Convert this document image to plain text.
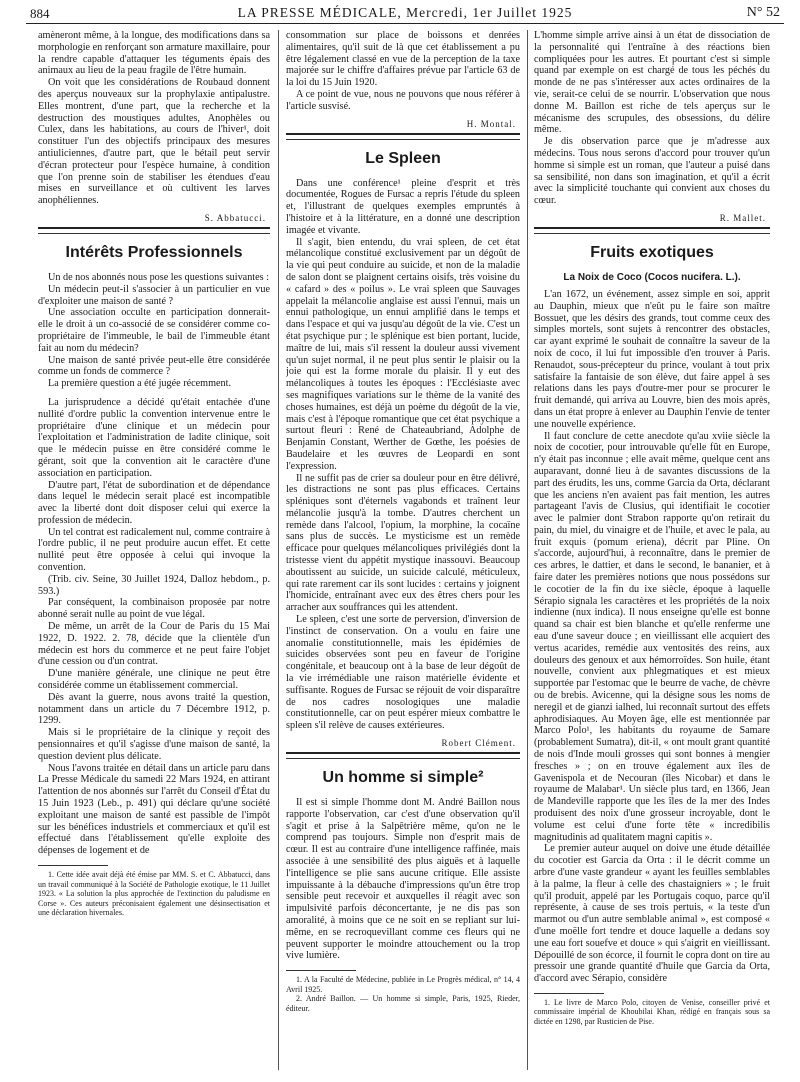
884	LA PRESSE MÉDICALE, Mercredi, 1er Juillet 1925	N° 52

amèneront même, à la longue, des modifications dans sa morphologie en renforçant son armature maxillaire, pour la rendre capable d'attaquer les téguments épais des animaux au lieu de la peau fragile de l'être humain.

On voit que les considérations de Roubaud donnent des aperçus nouveaux sur la prophylaxie antipalustre. Elles montrent, d'une part, que la recherche et la destruction des moustiques adultes, Anophèles ou Culex, dans les habitations, au cours de l'hiver¹, doit constituer l'un des objectifs principaux des mesures antiuliciennes, d'autre part, que le bétail peut servir d'écran protecteur pour l'espèce humaine, à condition que l'on prenne soin de stabiliser les étendues d'eau mises en surveillance et où cultivent les larves anophéliennes.

S. Abbatucci.
Intérêts Professionnels

Un de nos abonnés nous pose les questions suivantes :

Un médecin peut-il s'associer à un particulier en vue d'exploiter une maison de santé ?

Une association occulte en participation donnerait-elle le droit à un co-associé de se considérer comme co-propriétaire de l'immeuble, le bail de l'immeuble étant fait au nom du médecin?

Une maison de santé privée peut-elle être considérée comme un fonds de commerce ?

La première question a été jugée récemment.

La jurisprudence a décidé qu'était entachée d'une nullité d'ordre public la convention intervenue entre le propriétaire d'une clinique et un médecin pour l'exploitation et l'administration de ladite clinique, soit que le médecin puisse en être considéré comme le gérant, soit que la convention ait le caractère d'une association en participation.

D'autre part, l'état de subordination et de dépendance dans lequel le médecin serait placé est incompatible avec la liberté dont doit disposer celui qui exerce la profession de médecin.

Un tel contrat est radicalement nul, comme contraire à l'ordre public, il ne peut produire aucun effet. Et cette nullité peut être opposée à celui qui invoque la convention.

(Trib. civ. Seine, 30 Juillet 1924, Dalloz hebdom., p. 593.)

Par conséquent, la combinaison proposée par notre abonné serait nulle au point de vue légal.

De même, un arrêt de la Cour de Paris du 15 Mai 1922, D. 1922. 2. 78, décide que la clientèle d'un médecin est hors du commerce et ne peut faire l'objet d'une cession ou d'un contrat.

D'une manière générale, une clinique ne peut être considérée comme un établissement commercial.

Dès avant la guerre, nous avons traité la question, notamment dans un article du 7 Décembre 1912, p. 1299.

Mais si le propriétaire de la clinique y reçoit des pensionnaires et qu'il s'agisse d'une maison de santé, la question devient plus délicate.

Nous l'avons traitée en détail dans un article paru dans La Presse Médicale du samedi 22 Mars 1924, en attirant l'attention de nos abonnés sur l'arrêt du Conseil d'État du 15 Juin 1923 (Leb., p. 491) qui déclare qu'une société exploitant une maison de santé est passible de l'impôt sur les bénéfices industriels et commerciaux et qu'il est effectué dans l'établissement qu'elle exploite des dépenses de logement et de

1. Cette idée avait déjà été émise par MM. S. et C. Abbatucci, dans un travail communiqué à la Société de Pathologie exotique, le 11 Juillet 1923. « La solution la plus approchée de l'extinction du paludisme en Corse ». Ces auteurs préconisaient également une désinsectisation et une déclaration hivernales.

consommation sur place de boissons et denrées alimentaires, qu'il suit de là que cet établissement a pu être légalement classé en vue de la perception de la taxe majorée sur le chiffre d'affaires prévue par l'article 63 de la loi du 15 Juin 1920.

A ce point de vue, nous ne pouvons que nous référer à l'article susvisé.

H. Montal.
Le Spleen

Dans une conférence¹ pleine d'esprit et très documentée, Rogues de Fursac a repris l'étude du spleen et, l'illustrant de quelques exemples empruntés à l'histoire et à la littérature, en a donné une description imagée et vivante.

Il s'agit, bien entendu, du vrai spleen, de cet état mélancolique constitué exclusivement par un dégoût de la vie qui peut conduire au suicide, et non de la maladie de salon dont se plaignent certains oisifs, très voisine du « cafard » des « poilus ». Le vrai spleen que Sauvages appelait la mélancolie anglaise est aussi l'ennui, mais un ennui pathologique, un ennui amplifié dans le temps et dans l'espace et qui va jusqu'au dégoût de la vie. C'est un état psychique pur ; le splénique est bien portant, lucide, maître de lui, mais s'il ressent la douleur aussi vivement qu'un sujet normal, il ne peut plus sentir le plaisir ou la joie qui est la forme morale du plaisir. Il y eut des mélancoliques à toutes les époques : l'Ecclésiaste avec ses magnifiques variations sur le thème de la vanité des choses humaines, est déjà un poème du dégoût de la vie, mais c'est à l'époque romantique que cet état psychique a surtout fleuri : René de Chateaubriand, Adolphe de Benjamin Constant, Werther de Gœthe, les poésies de Baudelaire et les œuvres de Leopardi en sont l'expression.

Il ne suffit pas de crier sa douleur pour en être délivré, les distractions ne sont pas plus efficaces. Certains spléniques sont d'éternels vagabonds et traînent leur mélancolie jusqu'à la tombe. D'autres cherchent un remède dans l'alcool, l'opium, la morphine, la cocaïne sans plus de succès. Le mysticisme est un remède efficace pour quelques mélancoliques privilégiés dont la tristesse vient du appétit mystique inassouvi. Beaucoup aboutissent au suicide, un suicide calculé, méticuleux, qui rate rarement car ils sont lucides : certains y joignent l'homicide, entraînant avec eux des êtres chers pour les arracher aux souffrances qui les attendent.

Le spleen, c'est une sorte de perversion, d'inversion de l'instinct de conservation. On a voulu en faire une anomalie constitutionnelle, mais les épidémies de suicides observées sont peu en faveur de l'origine congénitale, et beaucoup ont à la base de leur dégoût de la vie irrémédiable une raison matérielle évidente et suffisante. Rogues de Fursac se réjouit de voir disparaître de nos cadres nosologiques une maladie constitutionnelle, car on peut espérer mieux combattre le spleen s'il relève de causes extérieures.

Robert Clément.
Un homme si simple²

Il est si simple l'homme dont M. André Baillon nous rapporte l'observation, car c'est d'une observation qu'il s'agit et prise à la Salpêtrière même, qu'on ne le comprend pas toujours. Simple non d'esprit mais de cœur. Il est au contraire d'une intelligence raffinée, mais associée à une sensibilité des plus aiguës et à laquelle l'intelligence se plie sans aucune critique. Elle assiste impuissante à la débauche d'impressions qu'un être trop sensible peut recevoir et auxquelles il réagit avec son impulsivité parfois déconcertante, je ne dis pas son amoralité, à moins que ce ne soit en se repliant sur lui-même, en se recroquevillant comme ces fleurs qui ne peuvent supporter le moindre attouchement ou la trop vive lumière.

1. A la Faculté de Médecine, publiée in Le Progrès médical, n° 14, 4 Avril 1925.

2. André Baillon. — Un homme si simple, Paris, 1925, Rieder, éditeur.

L'homme simple arrive ainsi à un état de dissociation de la personnalité qui l'entraîne à des réactions bien compliquées pour les autres. Et pourtant c'est si simple quand par exemple on est chargé de tous les péchés du monde de ne pas s'intéresser aux actes ordinaires de la vie, serait-ce celui de se nourrir. L'observation que nous donne M. Baillon est riche de tels aperçus sur le mécanisme des scrupules, des obsessions, du délire même.

Je dis observation parce que je m'adresse aux médecins. Tous nous serons d'accord pour trouver qu'un homme si simple est un roman, que l'auteur a puisé dans sa sensibilité, non dans son imagination, et qu'il a écrit avec la simplicité touchante qui convient aux choses du cœur.

R. Mallet.
Fruits exotiques
La Noix de Coco (Cocos nucifera. L.).

L'an 1672, un événement, assez simple en soi, apprit au Dauphin, mieux que n'eût pu le faire son maître Bossuet, que les désirs des grands, tout comme ceux des simples mortels, sont sujets à rencontrer des obstacles, car ayant exprimé le souhait de connaître la saveur de la noix de coco, il lui fut impossible d'en trouver à Paris. Renaudot, sous-précepteur du prince, voulant à tout prix satisfaire la fantaisie de son élève, dut faire appel à ses relations dans les pays d'outre-mer pour se procurer le fruit demandé, qui arriva au Louvre, bien des mois après, dans un état propre à enlever au Dauphin l'envie de tenter une nouvelle expérience.

Il faut conclure de cette anecdote qu'au xviie siècle la noix de cocotier, pour introuvable qu'elle fût en Europe, n'y était pas inconnue ; elle avait même, quelque cent ans auparavant, donné lieu à de savantes discussions de la part des érudits, les uns, comme Garcia da Orta, déclarant que les anciens n'en avaient pas fait mention, les autres partageant l'avis de Clusius, qui identifiait le cocotier avec le palmier dont Strabon rapporte qu'on retirait du pain, du miel, du vinaigre et de l'huile, et avec le pala, au fruit exquis (pomum eriena), décrit par Pline. On s'accorde, aujourd'hui, à reconnaître, dans le premier de ces arbres, le dattier, et dans le second, le bananier, et à faire dater les premières notions que nous possédons sur le cocotier de la fin du ixe siècle, époque à laquelle Sérapio signala les caractères et les propriétés de la noix indienne (nux indica). Il nous enseigne qu'elle est bonne quand sa chair est bien blanche et qu'elle renferme une eau d'une saveur douce ; en vieillissant elle acquiert des vertus acarides, remédie aux ventosités des reins, aux douleurs des genoux et aux hémorroïdes. Son huile, étant nouvelle, convient aux phlegmatiques et est mieux supportée par l'estomac que le beurre de vache, de chèvre ou de brebis. Avicenne, qui la désigne sous les noms de neregil et de gianzi ialhed, lui reconnaît surtout des effets aphrodisiaques. Au Moyen âge, elle est mentionnée par Marco Polo¹, les habitants du royaume de Samare (probablement Sumatra), dit-il, « ont moult grant quantité de nois d'Inde mouli grosses qui sont bonnes à mengier fresches » ; on en trouve également aux îles de Gavenispola et de Necouran (îles Nicobar) et dans le royaume de Malabar¹. Un siècle plus tard, en 1366, Jean de Mandeville rapporte que les îles de la mer des Indes produisent des noix d'une grosseur incroyable, dont le volume est celui d'une forte tête « incredibilis magnitudinis ad qualitatem magni capitis ».

Le premier auteur auquel on doive une étude détaillée du cocotier est Garcia da Orta : il le décrit comme un arbre d'une vaste grandeur « ayant les feuilles semblables à la palme, la fleur à celle des chastaigniers » ; le fruit qu'il produit, appelé par les Portugais coquo, parce qu'il représente, à cause de ses trois pertuis, « la teste d'un marmot ou d'un autre semblable animal », est composé « d'une moëlle fort tendre et douce laquelle a dedans soy une eau fort souefve et douce » qui s'aigrit en vieillissant. Dépouillé de son écorce, il fournit le copra dont on tire au pressoir une grande quantité d'huile que Garcia da Orta, d'accord avec Sérapio, considère

1. Le livre de Marco Polo, citoyen de Venise, conseiller privé et commissaire impérial de Khoubilai Khan, rédigé en français sous sa dictée en 1298, par Rusticien de Pise.
